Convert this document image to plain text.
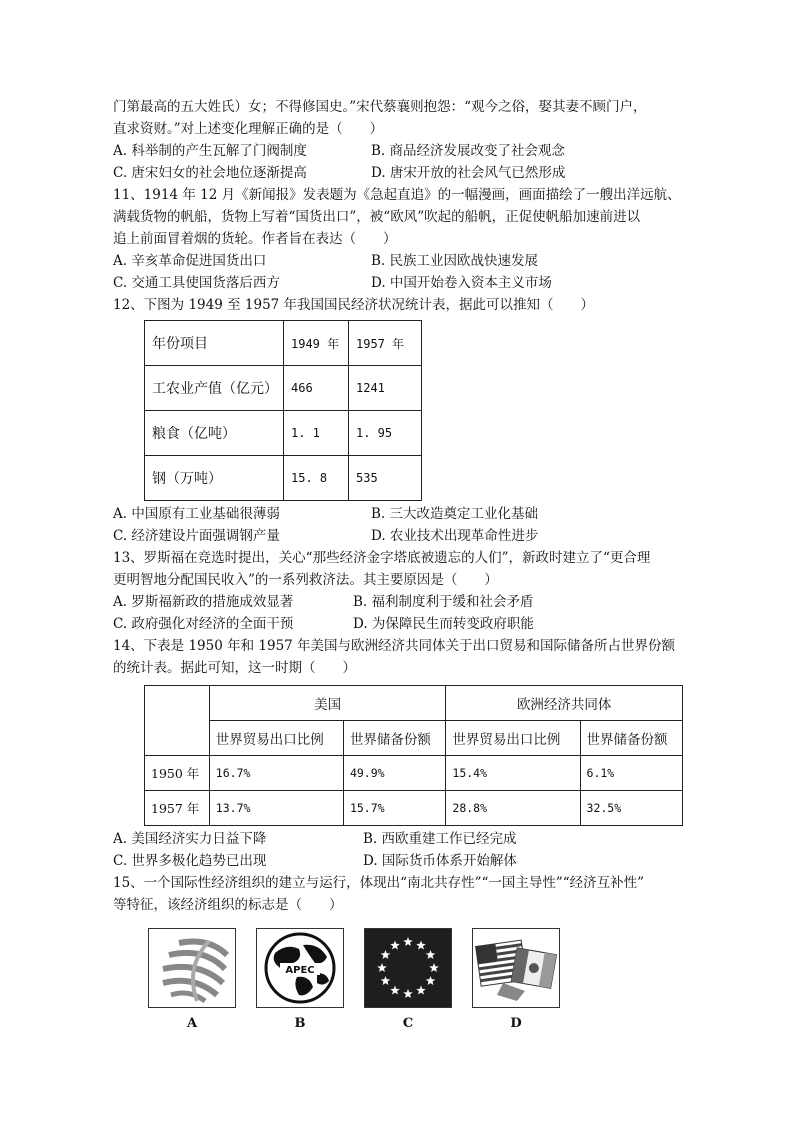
门第最高的五大姓氏）女；不得修国史。”宋代蔡襄则抱怨：“观今之俗，娶其妻不顾门户，
直求资财。”对上述变化理解正确的是（　　）
A. 科举制的产生瓦解了门阀制度	B. 商品经济发展改变了社会观念
C. 唐宋妇女的社会地位逐渐提高	D. 唐宋开放的社会风气已然形成
11、1914 年 12 月《新闻报》发表题为《急起直追》的一幅漫画，画面描绘了一艘出洋远航、
满载货物的帆船，货物上写着“国货出口”，被“欧风”吹起的船帆，正促使帆船加速前进以
追上前面冒着烟的货轮。作者旨在表达（　　）
A. 辛亥革命促进国货出口	B. 民族工业因欧战快速发展
C. 交通工具使国货落后西方	D. 中国开始卷入资本主义市场
12、下图为 1949 至 1957 年我国国民经济状况统计表，据此可以推知（　　）
年份项目	1949 年	1957 年
工农业产值（亿元）	466	1241
粮食（亿吨）	1. 1	1. 95
钢（万吨）	15. 8	535
A. 中国原有工业基础很薄弱	B. 三大改造奠定工业化基础
C. 经济建设片面强调钢产量	D. 农业技术出现革命性进步
13、罗斯福在竞选时提出，关心“那些经济金字塔底被遗忘的人们”，新政时建立了“更合理
更明智地分配国民收入”的一系列救济法。其主要原因是（　　）
A. 罗斯福新政的措施成效显著	B. 福利制度利于缓和社会矛盾
C. 政府强化对经济的全面干预	D. 为保障民生而转变政府职能
14、下表是 1950 年和 1957 年美国与欧洲经济共同体关于出口贸易和国际储备所占世界份额
的统计表。据此可知，这一时期（　　）
	美国		欧洲经济共同体	
	世界贸易出口比例	世界储备份额	世界贸易出口比例	世界储备份额
1950 年	16.7%	49.9%	15.4%	6.1%
1957 年	13.7%	15.7%	28.8%	32.5%
A. 美国经济实力日益下降	B. 西欧重建工作已经完成
C. 世界多极化趋势已出现	D. 国际货币体系开始解体
15、一个国际性经济组织的建立与运行，体现出“南北共存性”“一国主导性”“经济互补性”
等特征，该经济组织的标志是（　　）
A
APEC
B	C	D
